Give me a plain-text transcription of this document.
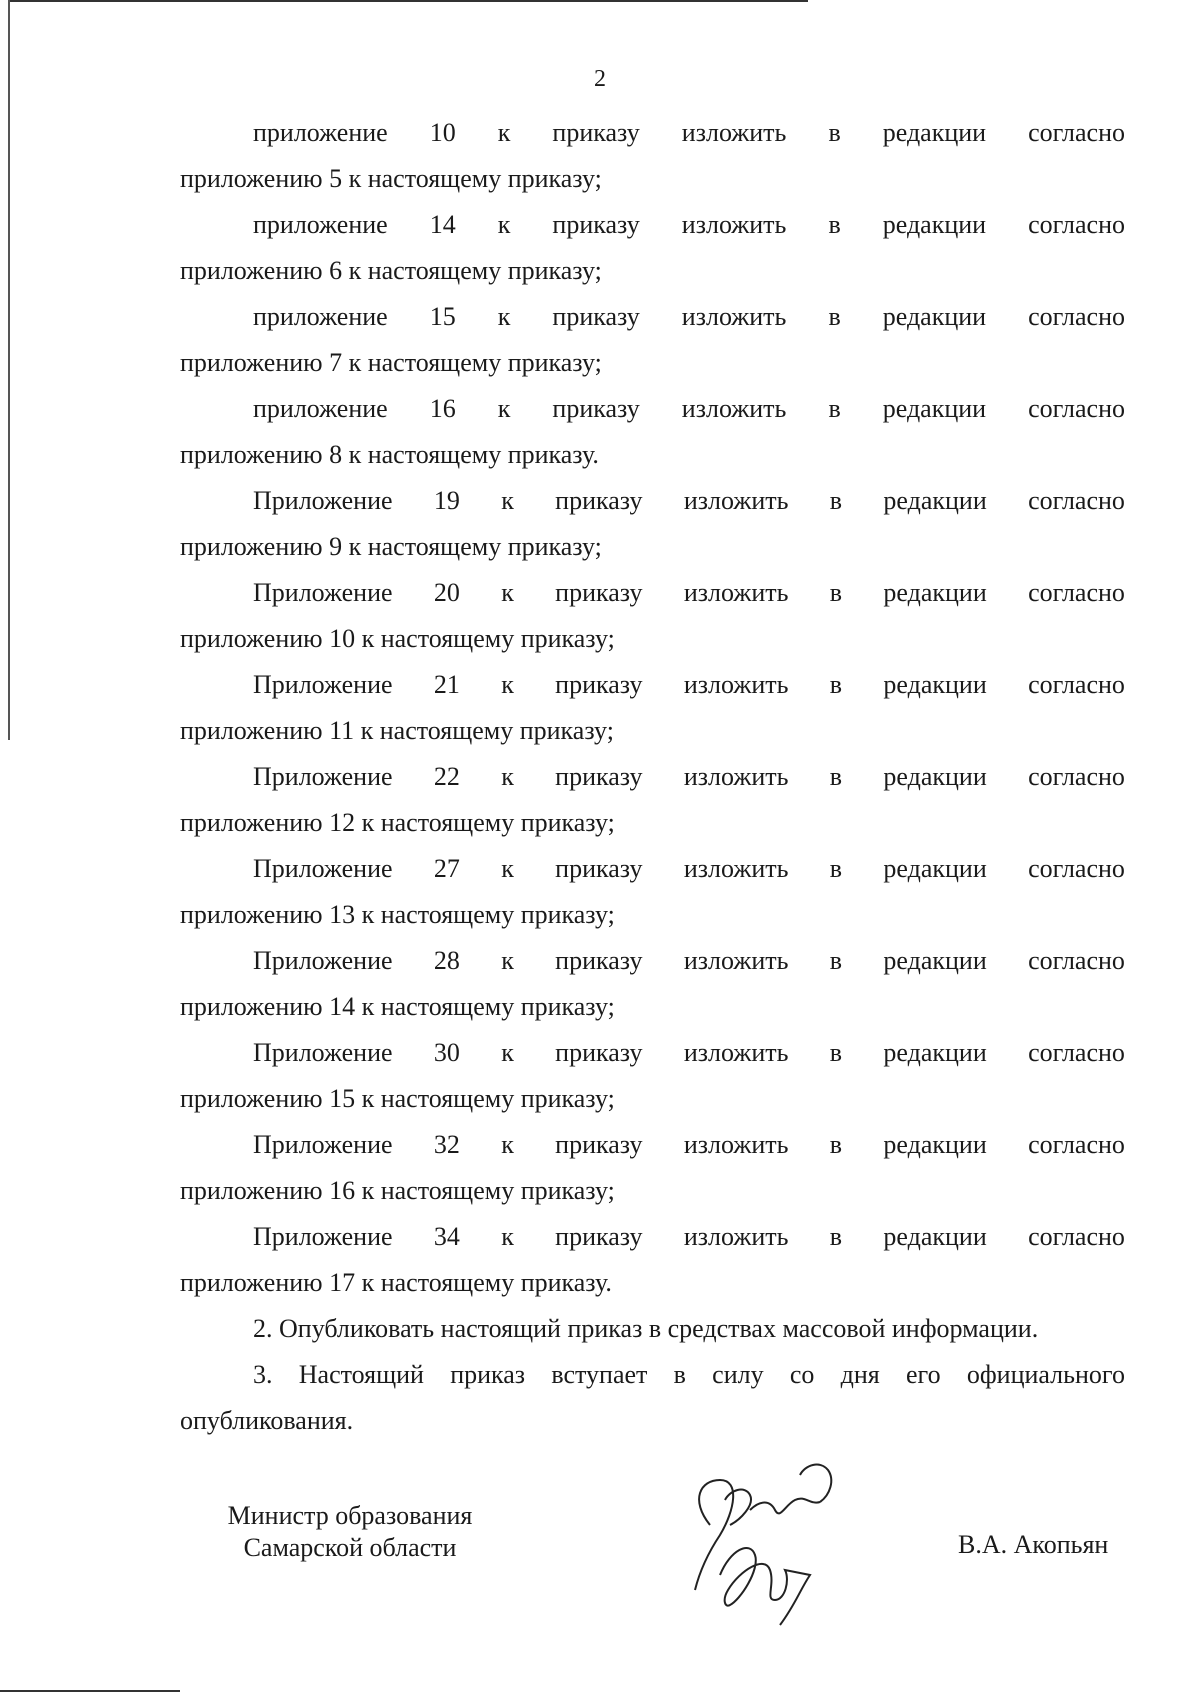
2
приложение 10 к приказу изложить в редакции согласно
приложению 5 к настоящему приказу;
приложение 14 к приказу изложить в редакции согласно
приложению 6 к настоящему приказу;
приложение 15 к приказу изложить в редакции согласно
приложению 7 к настоящему приказу;
приложение 16 к приказу изложить в редакции согласно
приложению 8 к настоящему приказу.
Приложение 19 к приказу изложить в редакции согласно
приложению 9 к настоящему приказу;
Приложение 20 к приказу изложить в редакции согласно
приложению 10 к настоящему приказу;
Приложение 21 к приказу изложить в редакции согласно
приложению 11 к настоящему приказу;
Приложение 22 к приказу изложить в редакции согласно
приложению 12 к настоящему приказу;
Приложение 27 к приказу изложить в редакции согласно
приложению 13 к настоящему приказу;
Приложение 28 к приказу изложить в редакции согласно
приложению 14 к настоящему приказу;
Приложение 30 к приказу изложить в редакции согласно
приложению 15 к настоящему приказу;
Приложение 32 к приказу изложить в редакции согласно
приложению 16 к настоящему приказу;
Приложение 34 к приказу изложить в редакции согласно
приложению 17 к настоящему приказу.
2. Опубликовать настоящий приказ в средствах массовой информации.
3. Настоящий приказ вступает в силу со дня его официального
опубликования.
Министр образования
Самарской области	В.А. Акопьян
